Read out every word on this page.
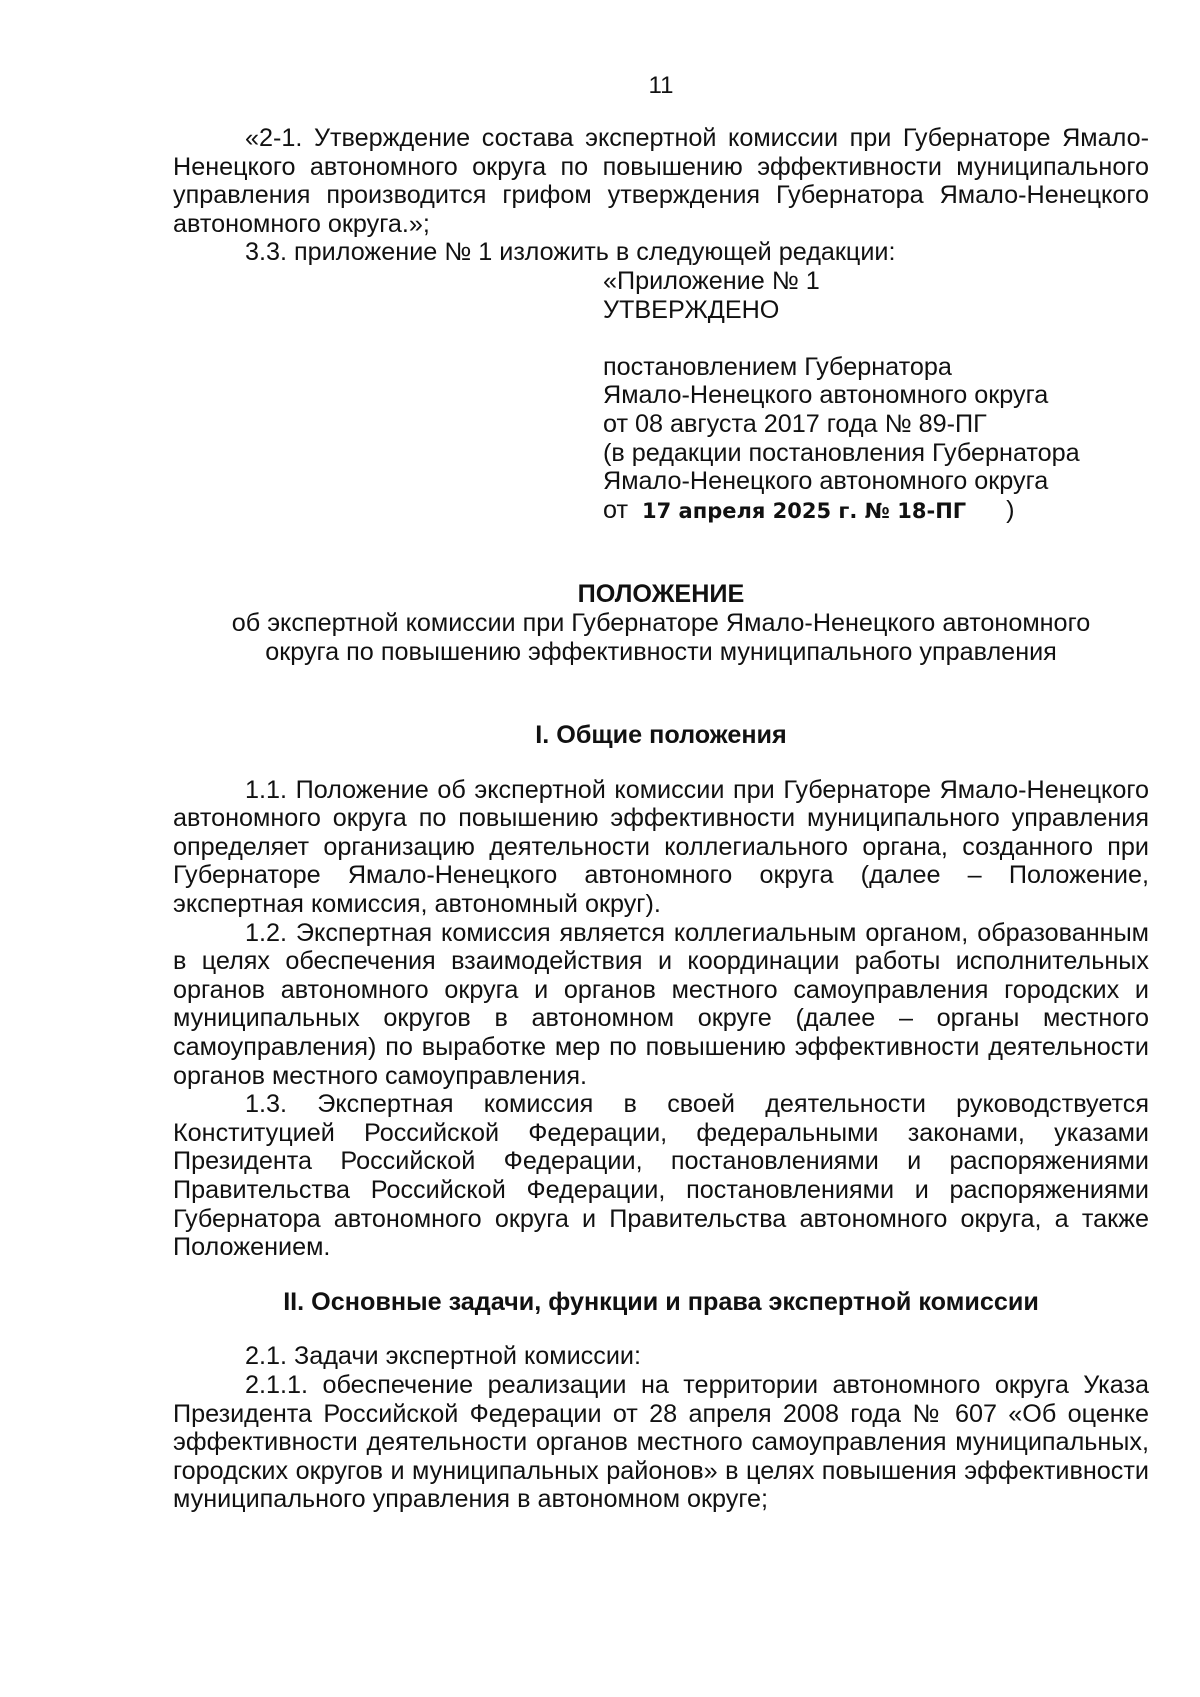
11

«2-1. Утверждение состава экспертной комиссии при Губернаторе Ямало-Ненецкого автономного округа по повышению эффективности муниципального управления производится грифом утверждения Губернатора Ямало-Ненецкого автономного округа.»;

3.3. приложение № 1 изложить в следующей редакции:

«Приложение № 1
УТВЕРЖДЕНО
постановлением Губернатора
Ямало-Ненецкого автономного округа
от 08 августа 2017 года № 89-ПГ
(в редакции постановления Губернатора
Ямало-Ненецкого автономного округа
от 17 апреля 2025 г. № 18-ПГ )

ПОЛОЖЕНИЕ

об экспертной комиссии при Губернаторе Ямало-Ненецкого автономного

округа по повышению эффективности муниципального управления

I. Общие положения

1.1. Положение об экспертной комиссии при Губернаторе Ямало-Ненецкого автономного округа по повышению эффективности муниципального управления определяет организацию деятельности коллегиального органа, созданного при Губернаторе Ямало-Ненецкого автономного округа (далее – Положение, экспертная комиссия, автономный округ).

1.2. Экспертная комиссия является коллегиальным органом, образованным в целях обеспечения взаимодействия и координации работы исполнительных органов автономного округа и органов местного самоуправления городских и муниципальных округов в автономном округе (далее – органы местного самоуправления) по выработке мер по повышению эффективности деятельности органов местного самоуправления.

1.3. Экспертная комиссия в своей деятельности руководствуется Конституцией Российской Федерации, федеральными законами, указами Президента Российской Федерации, постановлениями и распоряжениями Правительства Российской Федерации, постановлениями и распоряжениями Губернатора автономного округа и Правительства автономного округа, а также Положением.

II. Основные задачи, функции и права экспертной комиссии

2.1. Задачи экспертной комиссии:

2.1.1. обеспечение реализации на территории автономного округа Указа Президента Российской Федерации от 28 апреля 2008 года № 607 «Об оценке эффективности деятельности органов местного самоуправления муниципальных, городских округов и муниципальных районов» в целях повышения эффективности муниципального управления в автономном округе;
